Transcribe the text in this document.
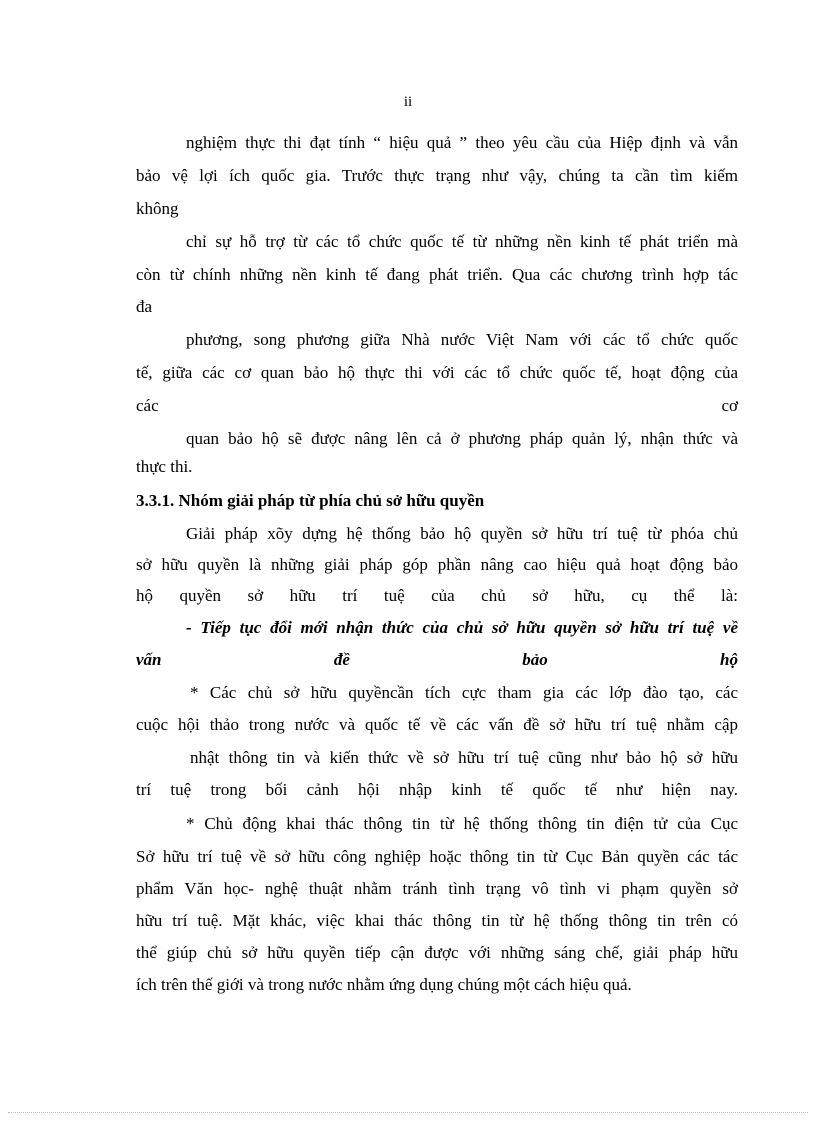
ii
nghiệm thực thi đạt tính “ hiệu quả ” theo yêu cầu của Hiệp định và vẫn
bảo vệ lợi ích quốc gia. Trước thực trạng như vậy, chúng ta cần tìm kiếm
không
chỉ sự hỗ trợ từ các tổ chức quốc tế từ những nền kinh tế phát triển mà
còn từ chính những nền kinh tế đang phát triển. Qua các chương trình hợp tác
đa
phương, song phương giữa Nhà nước Việt Nam với các tổ chức quốc
tế, giữa các cơ quan bảo hộ thực thi với các tổ chức quốc tế, hoạt động của
các cơ
quan bảo hộ sẽ được nâng lên cả ở phương pháp quản lý, nhận thức và
thực thi.
3.3.1. Nhóm giải pháp từ phía chủ sở hữu quyền
Giải pháp xõy dựng hệ thống bảo hộ quyền sở hữu trí tuệ từ phóa chủ
sở hữu quyền là những giải pháp góp phần nâng cao hiệu quả hoạt động bảo
hộ quyền sở hữu trí tuệ của chủ sở hữu, cụ thể là:
- Tiếp tục đổi mới nhận thức của chủ sở hữu quyền sở hữu trí tuệ về
vấn đề bảo hộ
* Các chủ sở hữu quyềncần tích cực tham gia các lớp đào tạo, các
cuộc hội thảo trong nước và quốc tế về các vấn đề sở hữu trí tuệ nhằm cập
nhật thông tin và kiến thức về sở hữu trí tuệ cũng như bảo hộ sở hữu
trí tuệ trong bối cảnh hội nhập kinh tế quốc tế như hiện nay.
* Chủ động khai thác thông tin từ hệ thống thông tin điện tử của Cục
Sở hữu trí tuệ về sở hữu công nghiệp hoặc thông tin từ Cục Bản quyền các tác
phẩm Văn học- nghệ thuật nhằm tránh tình trạng vô tình vi phạm quyền sở
hữu trí tuệ. Mặt khác, việc khai thác thông tin từ hệ thống thông tin trên có
thể giúp chủ sở hữu quyền tiếp cận được với những sáng chế, giải pháp hữu
ích trên thế giới và trong nước nhằm ứng dụng chúng một cách hiệu quả.
